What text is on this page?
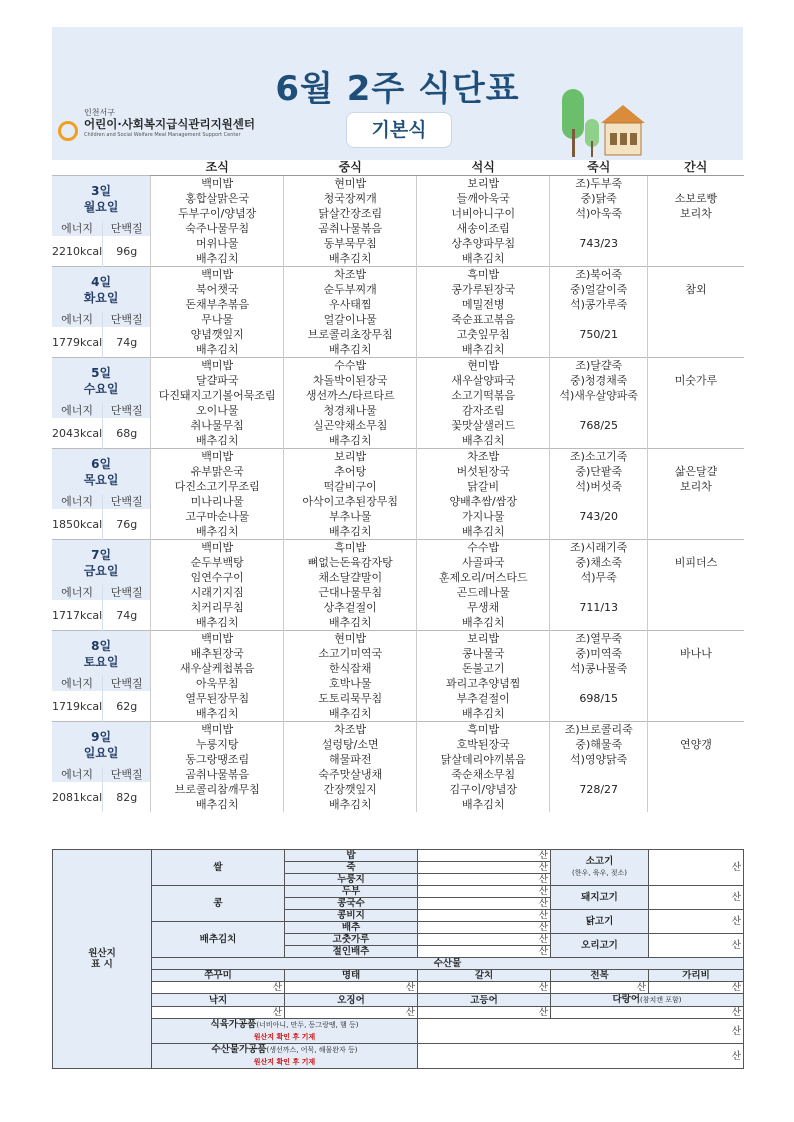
6월 2주 식단표
기본식
인천서구
어린이·사회복지급식관리지원센터
Children and Social Welfare Meal Management Support Center
		조식	중식	석식	죽식	간식
3일
월요일		백미밥	현미밥	보리밥	조)두부죽	
		홍합살맑은국	청국장찌개	들깨아욱국	중)닭죽	소보로빵
		두부구이/양념장	닭살간장조림	너비아니구이	석)아욱죽	보리차
에너지	단백질	숙주나물무침	곰취나물볶음	새송이조림		
2210kcal	96g	머위나물	동부묵무침	상추양파무침	743/23	
		배추김치	배추김치	배추김치		
4일
화요일		백미밥	차조밥	흑미밥	조)북어죽	
		북어챗국	순두부찌개	콩가루된장국	중)얼갈이죽	참외
		돈채부추볶음	우사태찜	메밀전병	석)콩가루죽	
에너지	단백질	무나물	얼갈이나물	죽순표고볶음		
1779kcal	74g	양념깻잎지	브로콜리초장무침	고춧잎무침	750/21	
		배추김치	배추김치	배추김치		
5일
수요일		백미밥	수수밥	현미밥	조)달걀죽	
		달걀파국	차돌박이된장국	새우살양파국	중)청경채죽	미숫가루
		다진돼지고기볼어묵조림	생선까스/타르타르	소고기떡볶음	석)새우살양파죽	
에너지	단백질	오이나물	청경채나물	감자조림		
2043kcal	68g	취나물무침	실곤약채소무침	꽃맛살샐러드	768/25	
		배추김치	배추김치	배추김치		
6일
목요일		백미밥	보리밥	차조밥	조)소고기죽	
		유부맑은국	추어탕	버섯된장국	중)단팥죽	삶은달걀
		다진소고기무조림	떡갈비구이	닭갈비	석)버섯죽	보리차
에너지	단백질	미나리나물	아삭이고추된장무침	양배추쌈/쌈장		
1850kcal	76g	고구마순나물	부추나물	가지나물	743/20	
		배추김치	배추김치	배추김치		
7일
금요일		백미밥	흑미밥	수수밥	조)시래기죽	
		순두부백탕	뼈없는돈육감자탕	사골파국	중)채소죽	비피더스
		임연수구이	채소달걀말이	훈제오리/머스타드	석)무죽	
에너지	단백질	시래기지짐	근대나물무침	곤드레나물		
1717kcal	74g	치커리무침	상추겉절이	무생채	711/13	
		배추김치	배추김치	배추김치		
8일
토요일		백미밥	현미밥	보리밥	조)열무죽	
		배추된장국	소고기미역국	콩나물국	중)미역죽	바나나
		새우살케첩볶음	한식잡채	돈불고기	석)콩나물죽	
에너지	단백질	아욱무침	호박나물	꽈리고추양념찜		
1719kcal	62g	열무된장무침	도토리묵무침	부추겉절이	698/15	
		배추김치	배추김치	배추김치		
9일
일요일		백미밥	차조밥	흑미밥	조)브로콜리죽	
		누룽지탕	설렁탕/소면	호박된장국	중)해물죽	연양갱
		동그랑땡조림	해물파전	닭살데리야끼볶음	석)영양닭죽	
에너지	단백질	곰취나물볶음	숙주맛살냉채	죽순채소무침		
2081kcal	82g	브로콜리참깨무침	간장깻잎지	김구이/양념장	728/27	
		배추김치	배추김치	배추김치		
원산지
표 시	쌀	밥	산	소고기
(한우, 육우, 젖소)	산
		죽	산		
		누룽지	산		
	콩	두부	산	돼지고기	산
		콩국수	산		
		콩비지	산	닭고기	산
	배추김치	배추	산		
		고춧가루	산	오리고기	산
		절인배추	산		
	수산물				
	쭈꾸미	명태	갈치	전복	가리비
	산	산	산	산	산
	낙지	오징어	고등어	다랑어(참치캔 포함)	
	산	산	산	산	
	식육가공품(너비아니, 만두, 동그랑땡, 햄 등)
원산지 확인 후 기재		산		
	수산물가공품(생선까스, 어묵, 해물완자 등)
원산지 확인 후 기재		산		
